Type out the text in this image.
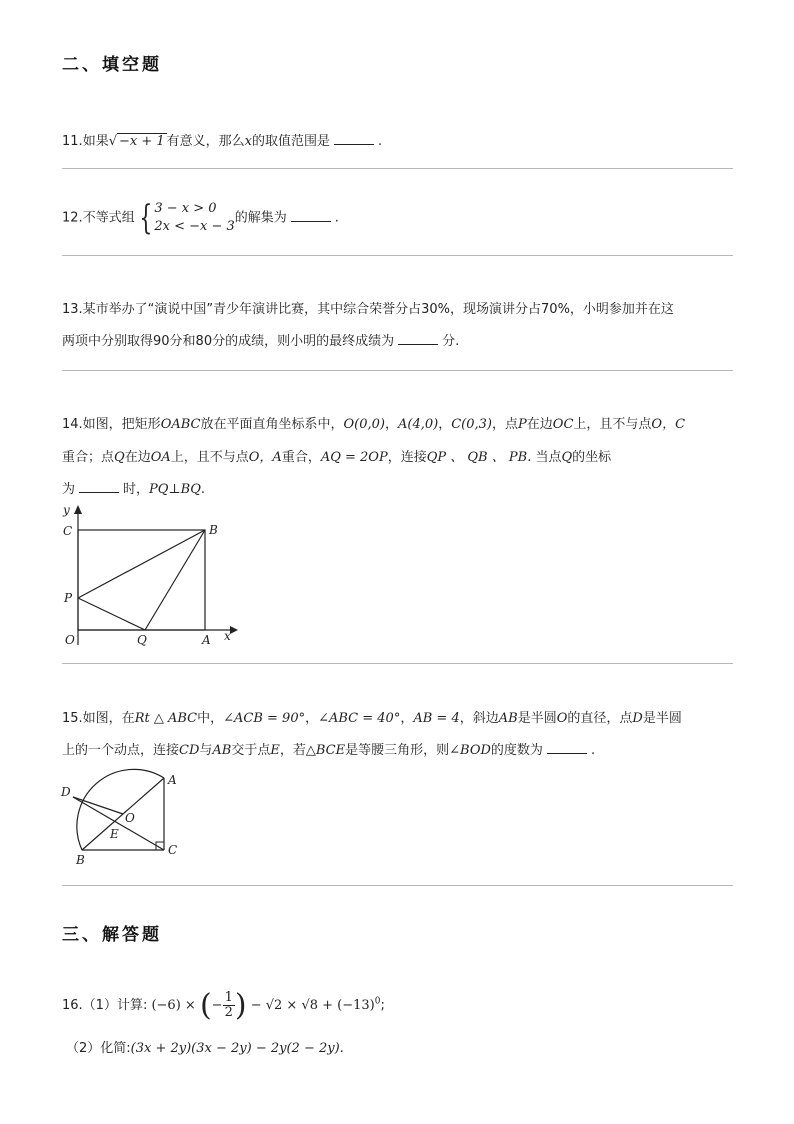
二、填空题
11.如果√ −x + 1 有意义，那么x的取值范围是	.
12.不等式组 { 3 − x > 0
2x < −x − 3
的解集为	.
13.某市举办了“演说中国”青少年演讲比赛，其中综合荣誉分占30%，现场演讲分占70%，小明参加并在这
两项中分别取得90分和80分的成绩，则小明的最终成绩为	分.
14.如图，把矩形OABC放在平面直角坐标系中，O(0,0)，A(4,0)，C(0,3)，点P在边OC上，且不与点O，C
重合；点Q在边OA上，且不与点O，A重合，AQ = 2OP，连接QP 、 QB 、 PB. 当点Q的坐标
为	时，PQ⊥BQ.
y
C	B
P
O	Q	A x
15.如图，在Rt △ ABC中，∠ACB = 90°，∠ABC = 40°，AB = 4，斜边AB是半圆O的直径，点D是半圆
上的一个动点，连接CD与AB交于点E，若△BCE是等腰三角形，则∠BOD的度数为	.
D
A
O
E
B
C
三、解答题
16.（1）计算: (−6) × (− $\frac{1}{2}$ ) − $√2 \times √8 + (-13)^0$;
（2）化简:(3x + 2y)(3x − 2y) − 2y(2 − 2y).
